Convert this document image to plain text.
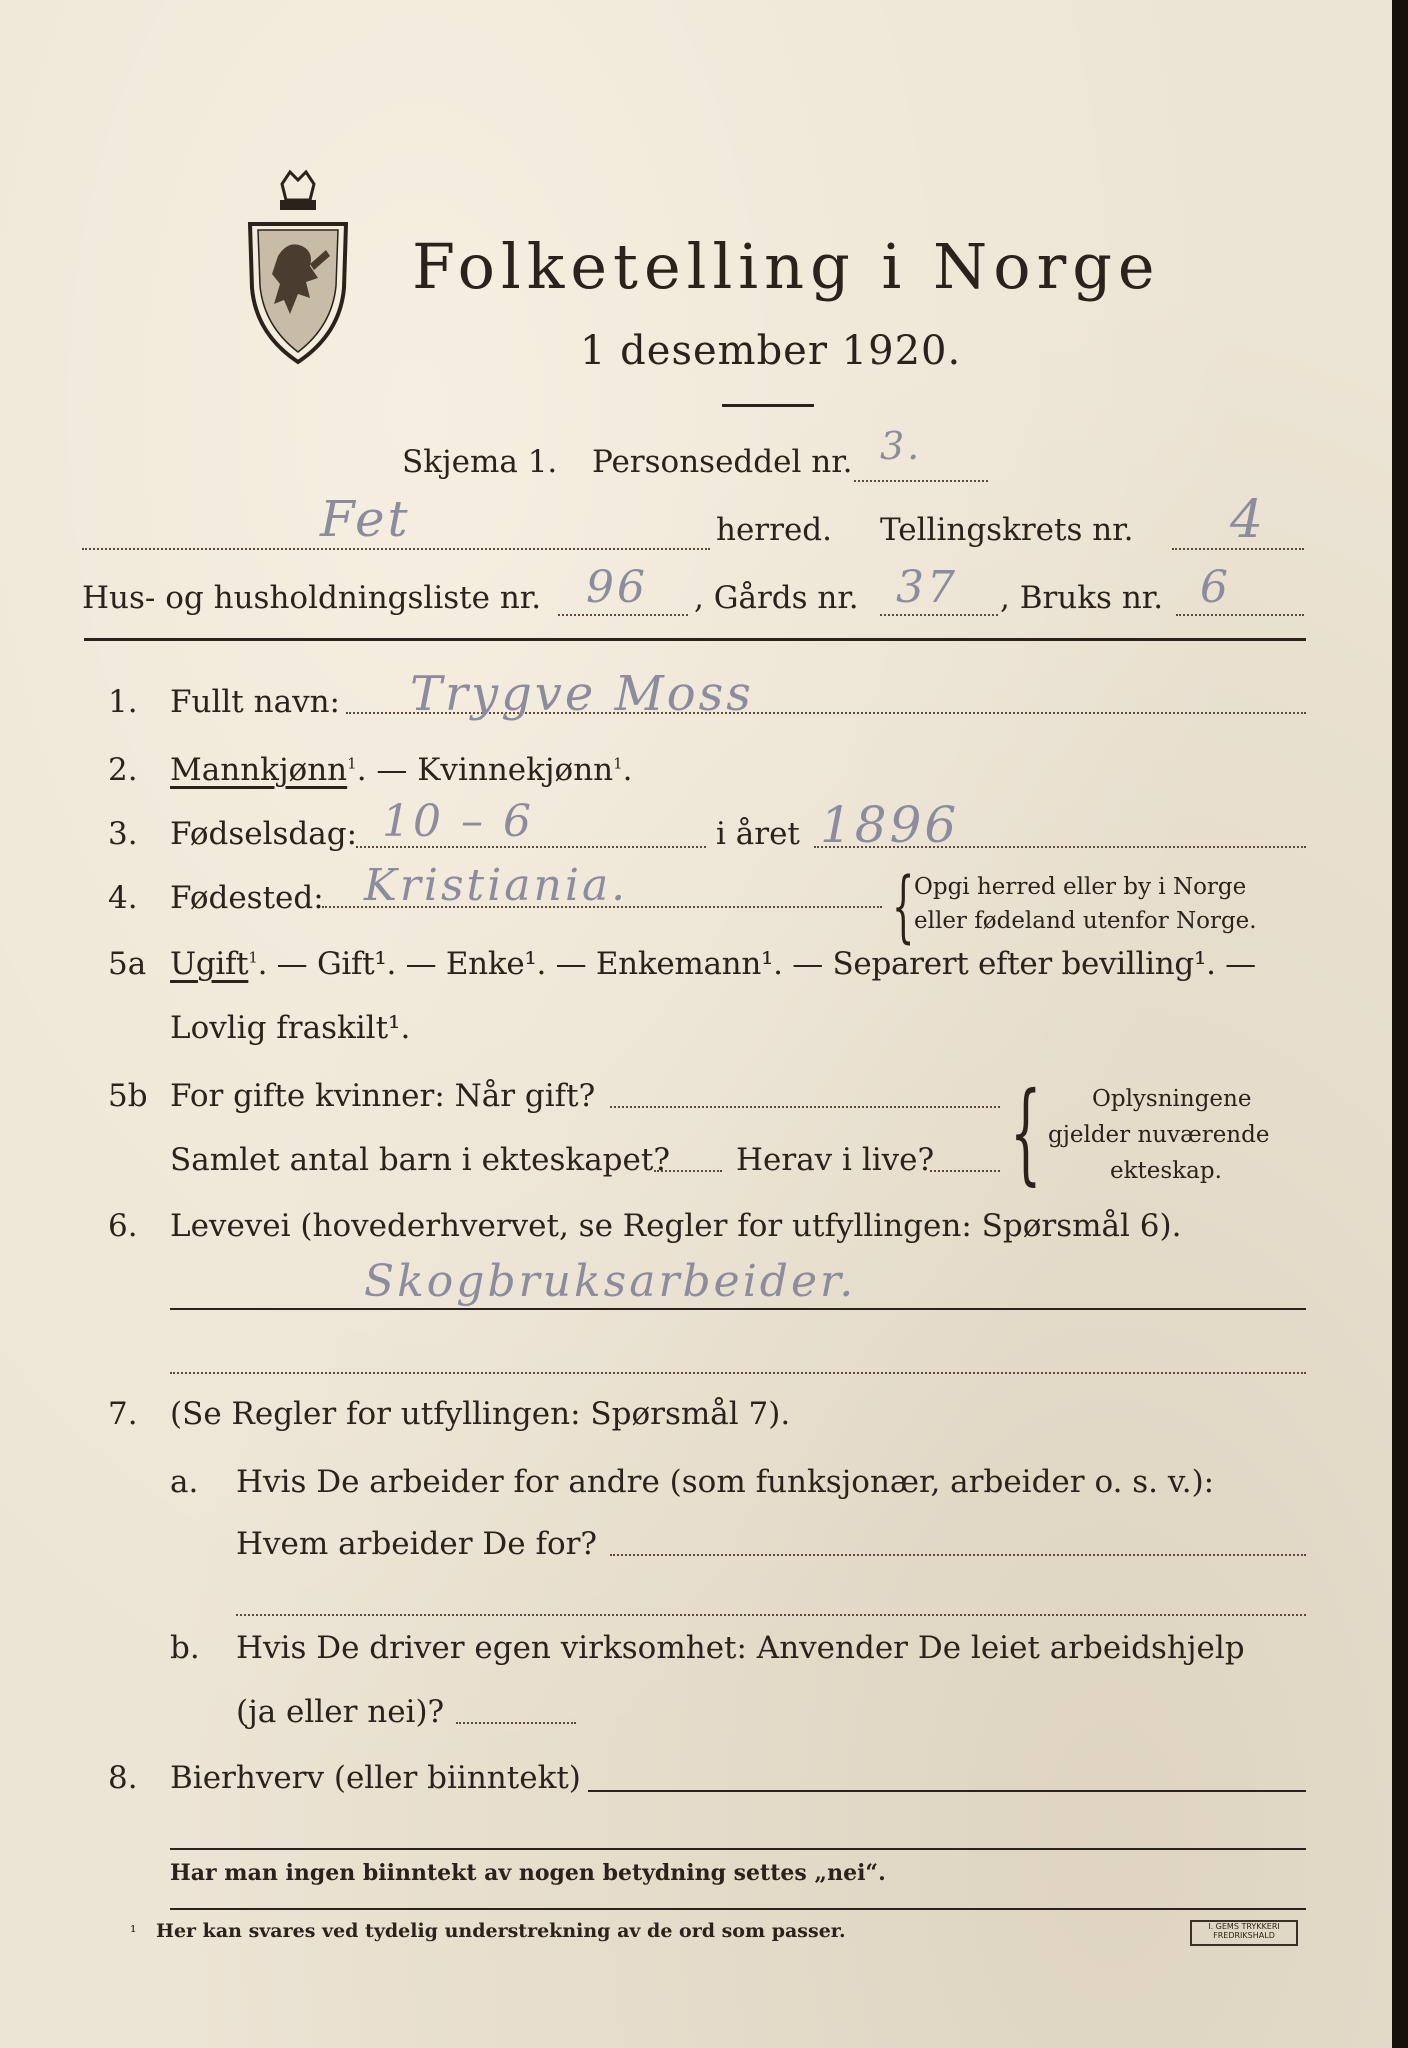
Folketelling i Norge
1 desember 1920.
Skjema 1. Personseddel nr. 3.
Fet	herred. Tellingskrets nr. 4
Hus- og husholdningsliste nr. 96 , Gårds nr. 37 , Bruks nr. 6
1. Fullt navn: Trygve Moss
2. Mannkjønn$^1$. — Kvinnekjønn$^1$.
3. Fødselsdag: 10 – 6	i året 1896
4. Fødested: Kristiania.	{ Opgi herred eller by i Norge
eller fødeland utenfor Norge.
5a Ugift$^1$. — Gift¹. — Enke¹. — Enkemann¹. — Separert efter bevilling¹. —
Lovlig fraskilt¹.
5b For gifte kvinner: Når gift?
Samlet antal barn i ekteskapet? Herav i live? { Oplysningene
gjelder nuværende
ekteskap.
6. Levevei (hovederhvervet, se Regler for utfyllingen: Spørsmål 6).
Skogbruksarbeider.
7. (Se Regler for utfyllingen: Spørsmål 7).
a. Hvis De arbeider for andre (som funksjonær, arbeider o. s. v.):
Hvem arbeider De for?
b. Hvis De driver egen virksomhet: Anvender De leiet arbeidshjelp
(ja eller nei)?
8. Bierhverv (eller biinntekt)
Har man ingen biinntekt av nogen betydning settes „nei“.
¹ Her kan svares ved tydelig understrekning av de ord som passer.	I. GEMS TRYKKERI
FREDRIKSHALD
